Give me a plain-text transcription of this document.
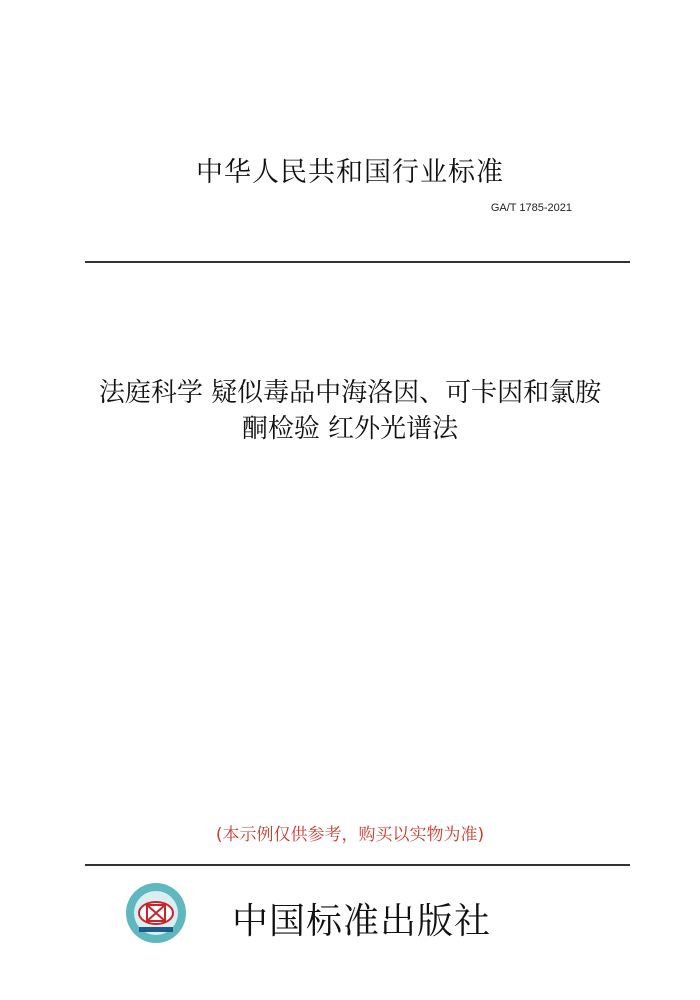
中华人民共和国行业标准
GA/T 1785-2021
法庭科学 疑似毒品中海洛因、可卡因和氯胺
酮检验 红外光谱法
(本示例仅供参考，购买以实物为准)
中国标准出版社
